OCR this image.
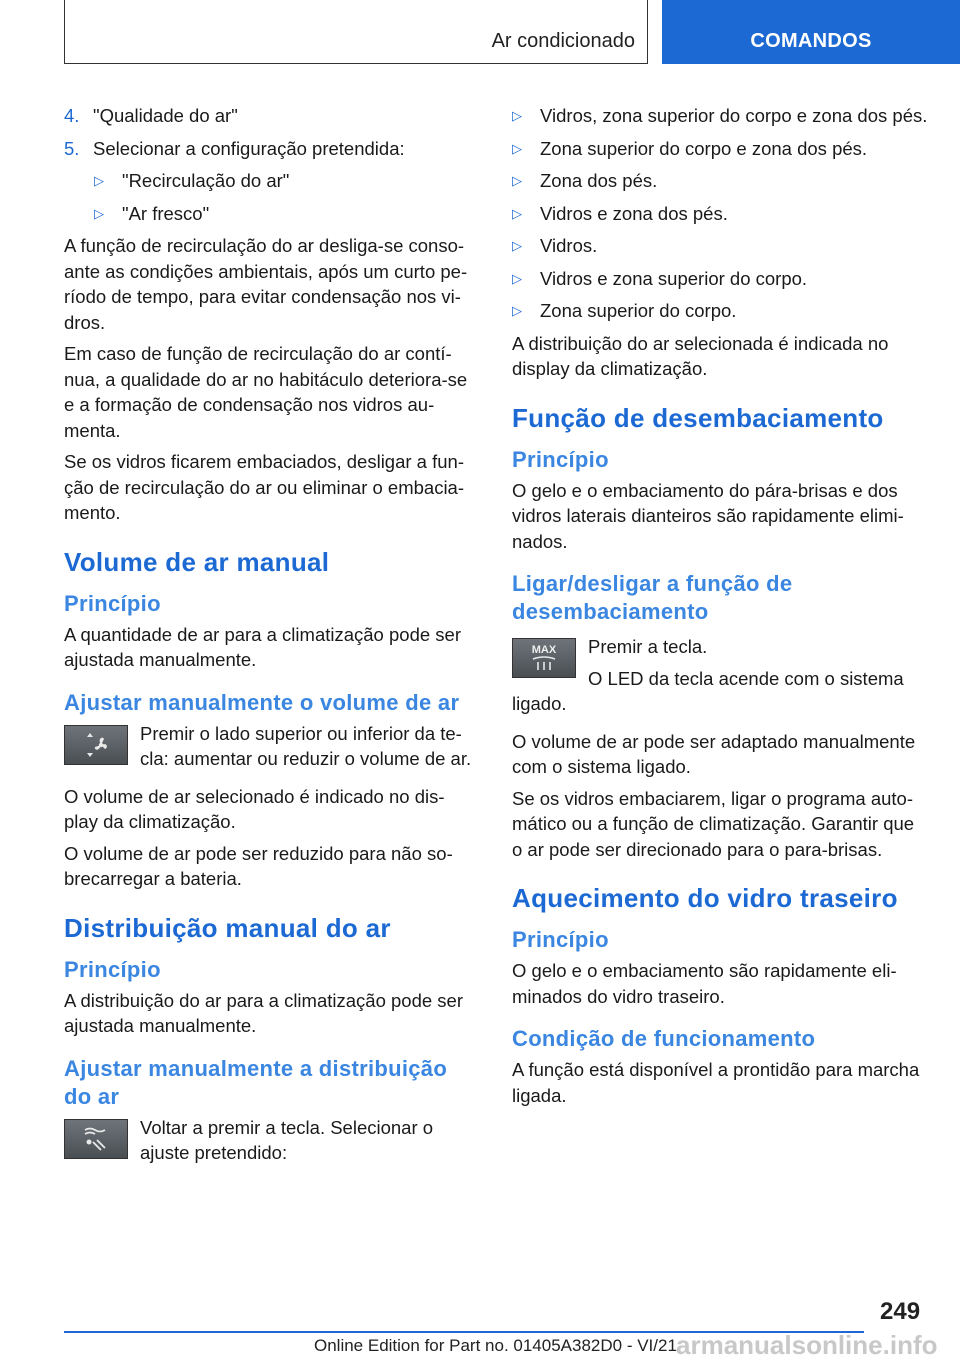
Ar condicionado	COMANDOS
4. "Qualidade do ar"
5. Selecionar a configuração pretendida:
▷ "Recirculação do ar"
▷ "Ar fresco"

A função de recirculação do ar desliga-se conso-ante as condições ambientais, após um curto pe-ríodo de tempo, para evitar condensação nos vi-dros.

Em caso de função de recirculação do ar contí-nua, a qualidade do ar no habitáculo deteriora-se e a formação de condensação nos vidros au-menta.

Se os vidros ficarem embaciados, desligar a fun-ção de recirculação do ar ou eliminar o embacia-mento.

Volume de ar manual
Princípio

A quantidade de ar para a climatização pode ser ajustada manualmente.

Ajustar manualmente o volume de ar

Premir o lado superior ou inferior da te-cla: aumentar ou reduzir o volume de ar.

O volume de ar selecionado é indicado no dis-play da climatização.

O volume de ar pode ser reduzido para não so-brecarregar a bateria.

Distribuição manual do ar
Princípio

A distribuição do ar para a climatização pode ser ajustada manualmente.

Ajustar manualmente a distribuição do ar

Voltar a premir a tecla. Selecionar o ajuste pretendido:

▷ Vidros, zona superior do corpo e zona dos pés.
▷ Zona superior do corpo e zona dos pés.
▷ Zona dos pés.
▷ Vidros e zona dos pés.
▷ Vidros.
▷ Vidros e zona superior do corpo.
▷ Zona superior do corpo.

A distribuição do ar selecionada é indicada no display da climatização.

Função de desembaciamento
Princípio

O gelo e o embaciamento do pára-brisas e dos vidros laterais dianteiros são rapidamente elimi-nados.

Ligar/desligar a função de desembaciamento
MAX	Premir a tecla.

O LED da tecla acende com o sistema ligado.

O volume de ar pode ser adaptado manualmente com o sistema ligado.

Se os vidros embaciarem, ligar o programa auto-mático ou a função de climatização. Garantir que o ar pode ser direcionado para o para-brisas.

Aquecimento do vidro traseiro
Princípio

O gelo e o embaciamento são rapidamente eli-minados do vidro traseiro.

Condição de funcionamento

A função está disponível a prontidão para marcha ligada.

249
Online Edition for Part no. 01405A382D0 - VI/21 armanualsonline.info
